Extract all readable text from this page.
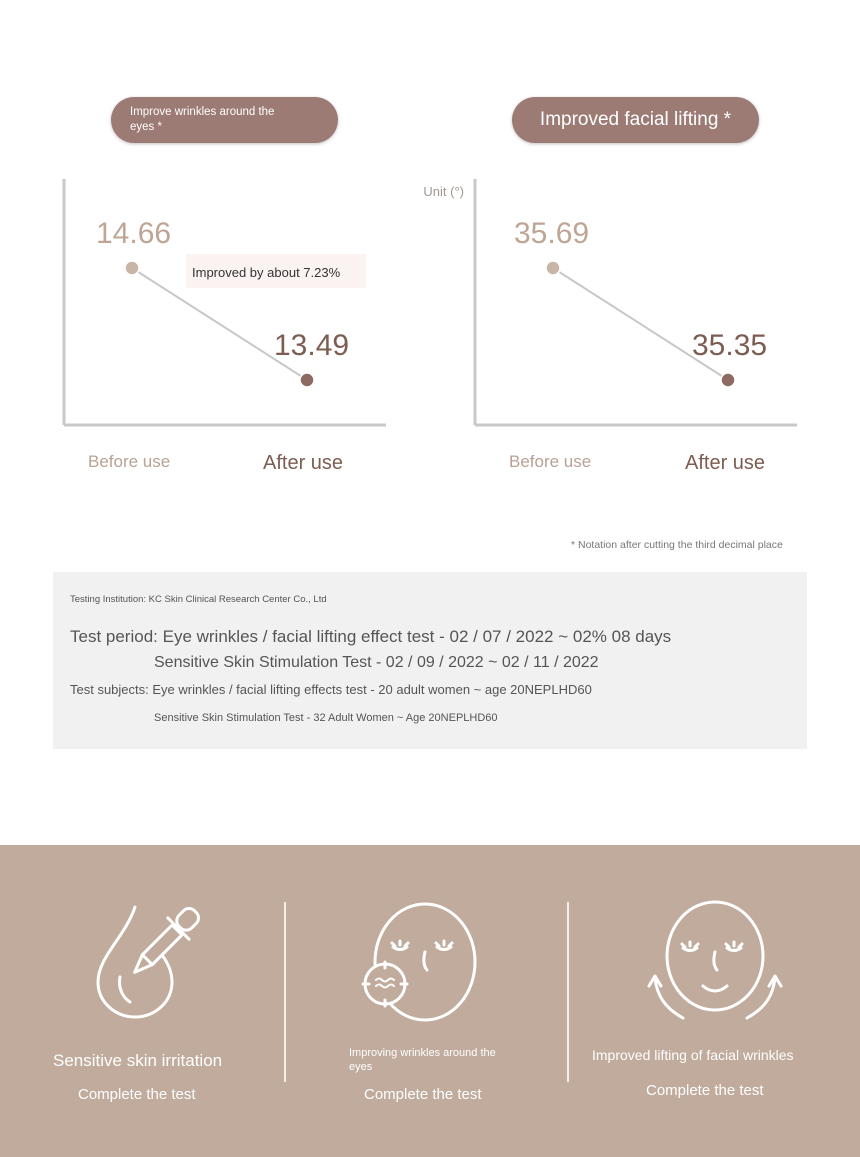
Improve wrinkles around the eyes *	Improved facial lifting *
14.66
13.49
Improved by about 7.23%
35.69
35.35
Unit (°)
Before use	After use	Before use	After use
* Notation after cutting the third decimal place
Testing Institution: KC Skin Clinical Research Center Co., Ltd
Test period: Eye wrinkles / facial lifting effect test - 02 / 07 / 2022 ~ 02% 08 days
Sensitive Skin Stimulation Test - 02 / 09 / 2022 ~ 02 / 11 / 2022
Test subjects: Eye wrinkles / facial lifting effects test - 20 adult women ~ age 20NEPLHD60
Sensitive Skin Stimulation Test - 32 Adult Women ~ Age 20NEPLHD60
Sensitive skin irritation
Complete the test
Improving wrinkles around the eyes
Complete the test
Improved lifting of facial wrinkles
Complete the test
